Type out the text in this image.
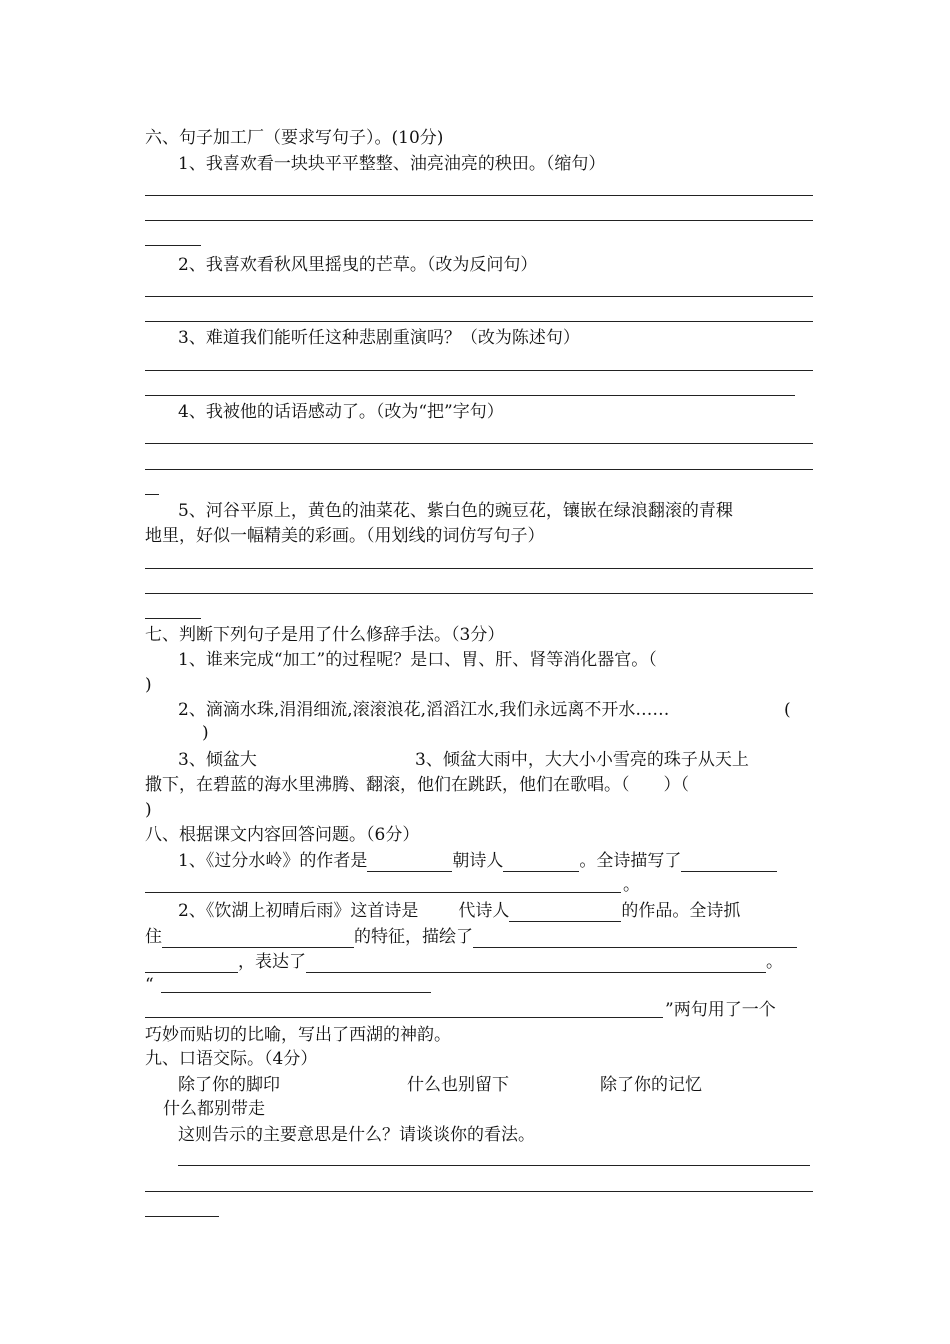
六、句子加工厂（要求写句子）。(10分)
1、我喜欢看一块块平平整整、油亮油亮的秧田。（缩句）
2、我喜欢看秋风里摇曳的芒草。（改为反问句）
3、难道我们能听任这种悲剧重演吗？（改为陈述句）
4、我被他的话语感动了。（改为“把”字句）
5、河谷平原上，黄色的油菜花、紫白色的豌豆花，镶嵌在绿浪翻滚的青稞
地里，好似一幅精美的彩画。（用划线的词仿写句子）
七、判断下列句子是用了什么修辞手法。（3分）
1、谁来完成“加工”的过程呢？是口、胃、肝、肾等消化器官。（
)
2、滴滴水珠,涓涓细流,滚滚浪花,滔滔江水,我们永远离不开水……	(
)
3、倾盆大	3、倾盆大雨中，大大小小雪亮的珠子从天上
撒下，在碧蓝的海水里沸腾、翻滚，他们在跳跃，他们在歌唱。（　　）（
)
八、根据课文内容回答问题。（6分）
1、《过分水岭》的作者是	朝诗人	。全诗描写了
。
2、《饮湖上初晴后雨》这首诗是 代诗人	的作品。全诗抓
住	的特征，描绘了
，表达了	。
“
”两句用了一个
巧妙而贴切的比喻，写出了西湖的神韵。
九、口语交际。（4分）
除了你的脚印	什么也别留下	除了你的记忆
什么都别带走
这则告示的主要意思是什么？请谈谈你的看法。
